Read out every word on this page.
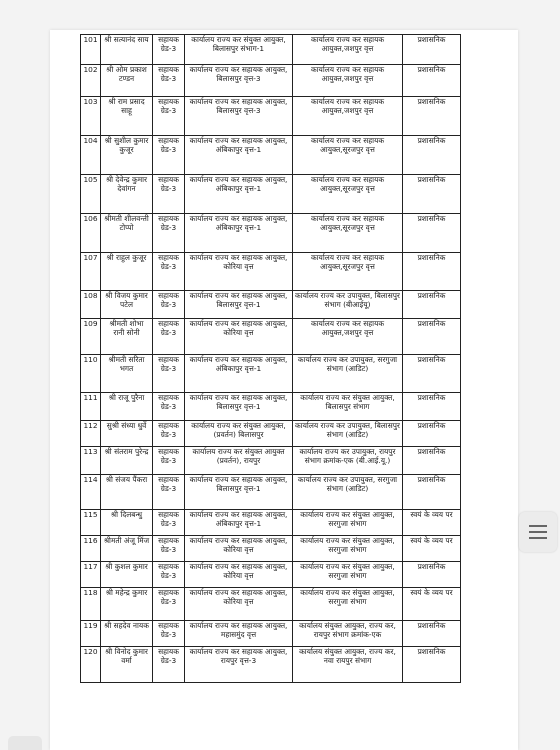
101	श्री सत्यानंद साय	सहायक ग्रेड-3	कार्यालय राज्य कर संयुक्त आयुक्त, बिलासपुर संभाग-1	कार्यालय राज्य कर सहायक आयुक्त,जशपुर वृत्त	प्रशासनिक
102	श्री ओम प्रकाश टण्डन	सहायक ग्रेड-3	कार्यालय राज्य कर सहायक आयुक्त, बिलासपुर वृत्त-3	कार्यालय राज्य कर सहायक आयुक्त,जशपुर वृत्त	प्रशासनिक
103	श्री राम प्रसाद साहू	सहायक ग्रेड-3	कार्यालय राज्य कर सहायक आयुक्त, बिलासपुर वृत्त-3	कार्यालय राज्य कर सहायक आयुक्त,जशपुर वृत्त	प्रशासनिक
104	श्री सुशील कुमार कुजूर	सहायक ग्रेड-3	कार्यालय राज्य कर सहायक आयुक्त, अंबिकापुर वृत्त-1	कार्यालय राज्य कर सहायक आयुक्त,सूरजपुर वृत्त	प्रशासनिक
105	श्री देवेन्द्र कुमार देवांगन	सहायक ग्रेड-3	कार्यालय राज्य कर सहायक आयुक्त, अंबिकापुर वृत्त-1	कार्यालय राज्य कर सहायक आयुक्त,सूरजपुर वृत्त	प्रशासनिक
106	श्रीमती शीलवन्ती टोप्पो	सहायक ग्रेड-3	कार्यालय राज्य कर सहायक आयुक्त, अंबिकापुर वृत्त-1	कार्यालय राज्य कर सहायक आयुक्त,सूरजपुर वृत्त	प्रशासनिक
107	श्री राहुल कुजूर	सहायक ग्रेड-3	कार्यालय राज्य कर सहायक आयुक्त, कोरिया वृत्त	कार्यालय राज्य कर सहायक आयुक्त,सूरजपुर वृत्त	प्रशासनिक
108	श्री विजय कुमार पटेल	सहायक ग्रेड-3	कार्यालय राज्य कर सहायक आयुक्त, बिलासपुर वृत्त-1	कार्यालय राज्य कर उपायुक्त, बिलासपुर संभाग (बीआईयू)	प्रशासनिक
109	श्रीमती शोभा रानी सोनी	सहायक ग्रेड-3	कार्यालय राज्य कर सहायक आयुक्त, कोरिया वृत्त	कार्यालय राज्य कर सहायक आयुक्त,जशपुर वृत्त	प्रशासनिक
110	श्रीमती सरिता भगत	सहायक ग्रेड-3	कार्यालय राज्य कर सहायक आयुक्त, अंबिकापुर वृत्त-1	कार्यालय राज्य कर उपायुक्त, सरगुजा संभाग (आडिट)	प्रशासनिक
111	श्री राजू पुरैना	सहायक ग्रेड-3	कार्यालय राज्य कर सहायक आयुक्त, बिलासपुर वृत्त-1	कार्यालय राज्य कर संयुक्त आयुक्त, बिलासपुर संभाग	प्रशासनिक
112	सुश्री संध्या धुर्वे	सहायक ग्रेड-3	कार्यालय राज्य कर संयुक्त आयुक्त, (प्रवर्तन) बिलासपुर	कार्यालय राज्य कर उपायुक्त, बिलासपुर संभाग (आडिट)	प्रशासनिक
113	श्री संतराम पुरेन्द्र	सहायक ग्रेड-3	कार्यालय राज्य कर संयुक्त आयुक्त (प्रवर्तन), रायपुर	कार्यालय राज्य कर उपायुक्त, रायपुर संभाग क्रमांक-एक (बी.आई.यू.)	प्रशासनिक
114	श्री संजय पैंकरा	सहायक ग्रेड-3	कार्यालय राज्य कर सहायक आयुक्त, बिलासपुर वृत्त-1	कार्यालय राज्य कर उपायुक्त, सरगुजा संभाग (आडिट)	प्रशासनिक
115	श्री दिलबन्धु	सहायक ग्रेड-3	कार्यालय राज्य कर सहायक आयुक्त, अंबिकापुर वृत्त-1	कार्यालय राज्य कर संयुक्त आयुक्त, सरगुजा संभाग	स्वयं के व्यय पर
116	श्रीमती अंजू मिंज	सहायक ग्रेड-3	कार्यालय राज्य कर सहायक आयुक्त, कोरिया वृत्त	कार्यालय राज्य कर संयुक्त आयुक्त, सरगुजा संभाग	स्वयं के व्यय पर
117	श्री कुशल कुमार	सहायक ग्रेड-3	कार्यालय राज्य कर सहायक आयुक्त, कोरिया वृत्त	कार्यालय राज्य कर संयुक्त आयुक्त, सरगुजा संभाग	प्रशासनिक
118	श्री महेन्द्र कुमार	सहायक ग्रेड-3	कार्यालय राज्य कर सहायक आयुक्त, कोरिया वृत्त	कार्यालय राज्य कर संयुक्त आयुक्त, सरगुजा संभाग	स्वयं के व्यय पर
119	श्री सहदेव नायक	सहायक ग्रेड-3	कार्यालय राज्य कर सहायक आयुक्त, महासमुंद वृत्त	कार्यालय संयुक्त आयुक्त, राज्य कर, रायपुर संभाग क्रमांक-एक	प्रशासनिक
120	श्री विनोद कुमार वर्मा	सहायक ग्रेड-3	कार्यालय राज्य कर सहायक आयुक्त, रायपुर वृत्त-3	कार्यालय संयुक्त आयुक्त, राज्य कर, नवा रायपुर संभाग	प्रशासनिक
